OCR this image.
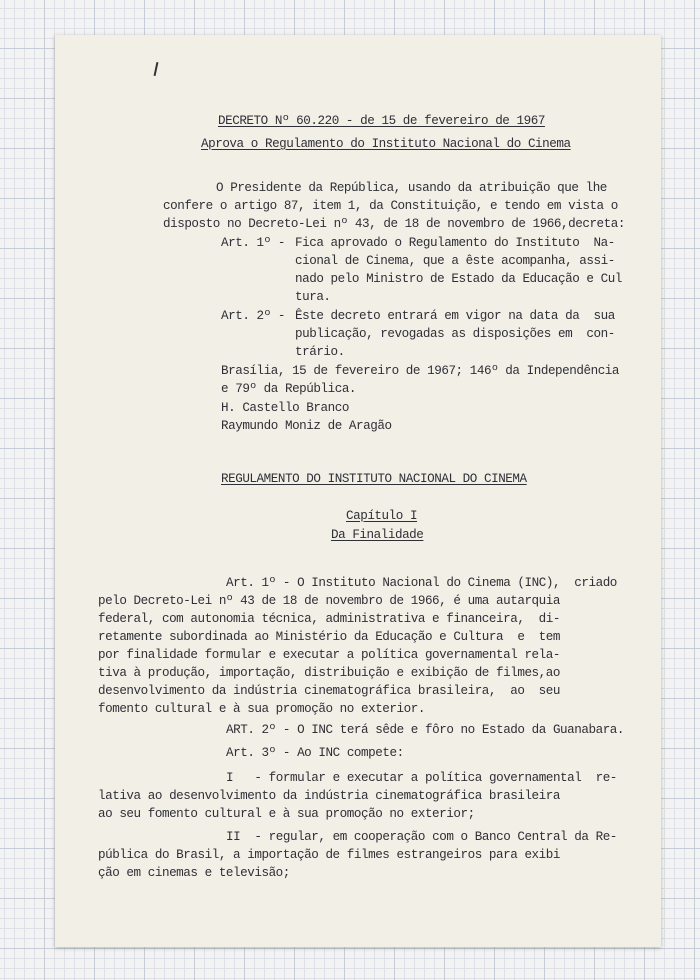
DECRETO Nº 60.220 - de 15 de fevereiro de 1967
Aprova o Regulamento do Instituto Nacional do Cinema
O Presidente da República, usando da atribuição que lhe
confere o artigo 87, item 1, da Constituição, e tendo em vista o
disposto no Decreto-Lei nº 43, de 18 de novembro de 1966,decreta:
Art. 1º - Fica aprovado o Regulamento do Instituto  Na-
cional de Cinema, que a êste acompanha, assi-
nado pelo Ministro de Estado da Educação e Cul
tura.
Art. 2º - Êste decreto entrará em vigor na data da  sua
publicação, revogadas as disposições em  con-
trário.
Brasília, 15 de fevereiro de 1967; 146º da Independência
e 79º da República.
H. Castello Branco
Raymundo Moniz de Aragão
REGULAMENTO DO INSTITUTO NACIONAL DO CINEMA
Capítulo I
Da Finalidade
Art. 1º - O Instituto Nacional do Cinema (INC),  criado
pelo Decreto-Lei nº 43 de 18 de novembro de 1966, é uma autarquia
federal, com autonomia técnica, administrativa e financeira,  di-
retamente subordinada ao Ministério da Educação e Cultura  e  tem
por finalidade formular e executar a política governamental rela-
tiva à produção, importação, distribuição e exibição de filmes,ao
desenvolvimento da indústria cinematográfica brasileira,  ao  seu
fomento cultural e à sua promoção no exterior.
ART. 2º - O INC terá sêde e fôro no Estado da Guanabara.
Art. 3º - Ao INC compete:
I   - formular e executar a política governamental  re-
lativa ao desenvolvimento da indústria cinematográfica brasileira
ao seu fomento cultural e à sua promoção no exterior;
II  - regular, em cooperação com o Banco Central da Re-
pública do Brasil, a importação de filmes estrangeiros para exibi
ção em cinemas e televisão;
